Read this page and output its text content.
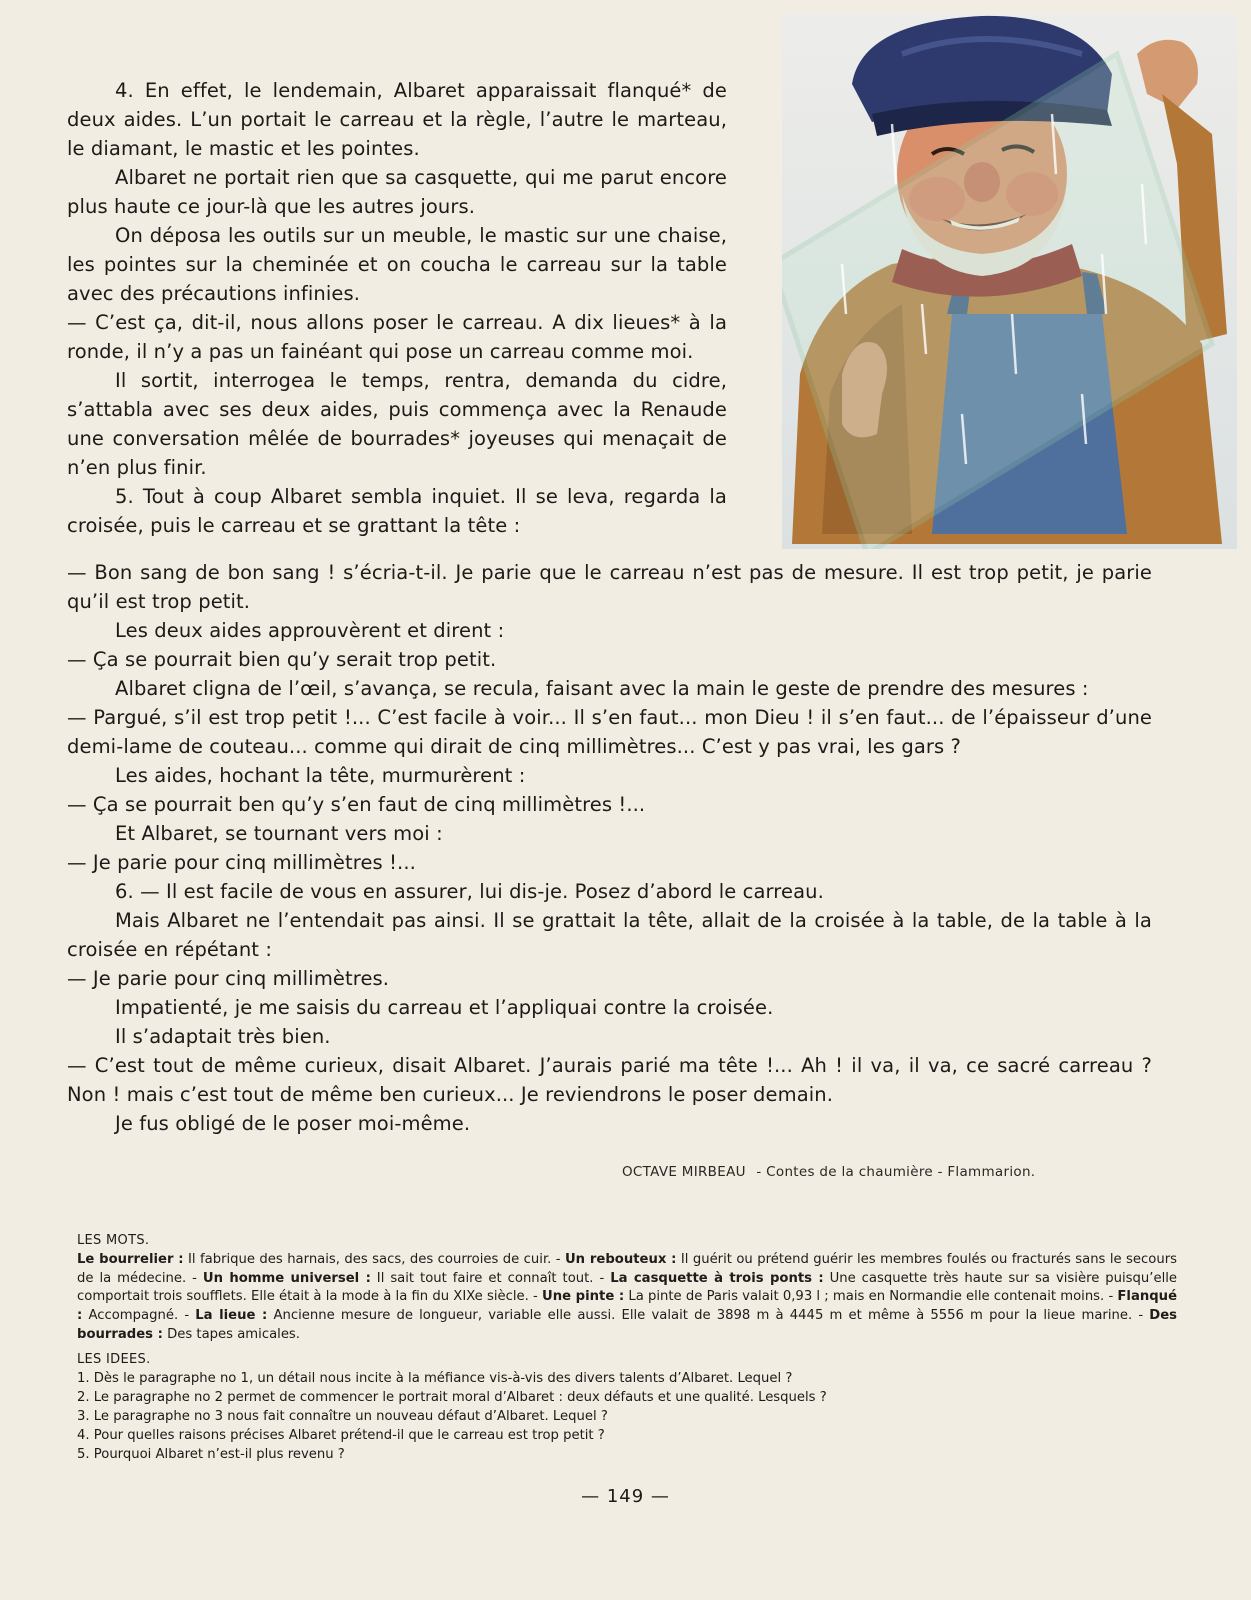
4. En effet, le lendemain, Albaret apparaissait flanqué* de deux aides. L’un portait le carreau et la règle, l’autre le marteau, le diamant, le mastic et les pointes.

Albaret ne portait rien que sa casquette, qui me parut encore plus haute ce jour-là que les autres jours.

On déposa les outils sur un meuble, le mastic sur une chaise, les pointes sur la cheminée et on coucha le carreau sur la table avec des précautions infinies.

— C’est ça, dit-il, nous allons poser le carreau. A dix lieues* à la ronde, il n’y a pas un fainéant qui pose un carreau comme moi.

Il sortit, interrogea le temps, rentra, demanda du cidre, s’attabla avec ses deux aides, puis commença avec la Renaude une conversation mêlée de bourrades* joyeuses qui menaçait de n’en plus finir.

5. Tout à coup Albaret sembla inquiet. Il se leva, regarda la croisée, puis le carreau et se grattant la tête :

— Bon sang de bon sang ! s’écria-t-il. Je parie que le carreau n’est pas de mesure. Il est trop petit, je parie qu’il est trop petit.

Les deux aides approuvèrent et dirent :

— Ça se pourrait bien qu’y serait trop petit.

Albaret cligna de l’œil, s’avança, se recula, faisant avec la main le geste de prendre des mesures :

— Pargué, s’il est trop petit !... C’est facile à voir... Il s’en faut... mon Dieu ! il s’en faut... de l’épaisseur d’une demi-lame de couteau... comme qui dirait de cinq millimètres... C’est y pas vrai, les gars ?

Les aides, hochant la tête, murmurèrent :

— Ça se pourrait ben qu’y s’en faut de cinq millimètres !...

Et Albaret, se tournant vers moi :

— Je parie pour cinq millimètres !...

6. — Il est facile de vous en assurer, lui dis-je. Posez d’abord le carreau.

Mais Albaret ne l’entendait pas ainsi. Il se grattait la tête, allait de la croisée à la table, de la table à la croisée en répétant :

— Je parie pour cinq millimètres.

Impatienté, je me saisis du carreau et l’appliquai contre la croisée.

Il s’adaptait très bien.

— C’est tout de même curieux, disait Albaret. J’aurais parié ma tête !... Ah ! il va, il va, ce sacré carreau ? Non ! mais c’est tout de même ben curieux... Je reviendrons le poser demain.

Je fus obligé de le poser moi-même.

OCTAVE MIRBEAU - Contes de la chaumière - Flammarion.

LES MOTS.

Le bourrelier : Il fabrique des harnais, des sacs, des courroies de cuir. - Un rebouteux : Il guérit ou prétend guérir les membres foulés ou fracturés sans le secours de la médecine. - Un homme universel : Il sait tout faire et connaît tout. - La casquette à trois ponts : Une casquette très haute sur sa visière puisqu’elle comportait trois soufflets. Elle était à la mode à la fin du XIXe siècle. - Une pinte : La pinte de Paris valait 0,93 l ; mais en Normandie elle contenait moins. - Flanqué : Accompagné. - La lieue : Ancienne mesure de longueur, variable elle aussi. Elle valait de 3898 m à 4445 m et même à 5556 m pour la lieue marine. - Des bourrades : Des tapes amicales.

LES IDEES.

1. Dès le paragraphe no 1, un détail nous incite à la méfiance vis-à-vis des divers talents d’Albaret. Lequel ?
2. Le paragraphe no 2 permet de commencer le portrait moral d’Albaret : deux défauts et une qualité. Lesquels ?
3. Le paragraphe no 3 nous fait connaître un nouveau défaut d’Albaret. Lequel ?
4. Pour quelles raisons précises Albaret prétend-il que le carreau est trop petit ?
5. Pourquoi Albaret n’est-il plus revenu ?
— 149 —
